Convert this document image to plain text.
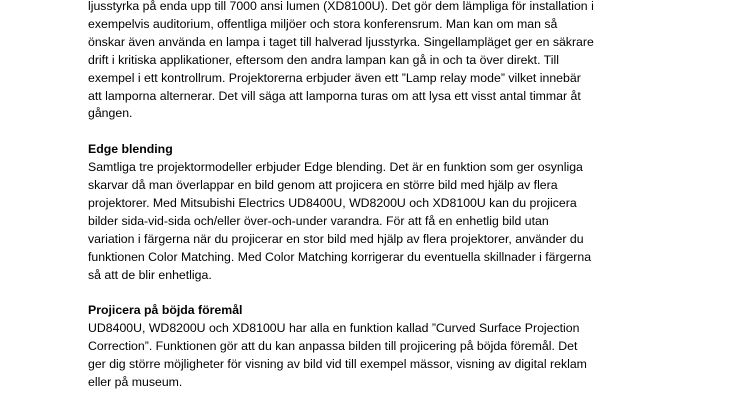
ljusstyrka på enda upp till 7000 ansi lumen (XD8100U). Det gör dem lämpliga för installation i
exempelvis auditorium, offentliga miljöer och stora konferensrum. Man kan om man så
önskar även använda en lampa i taget till halverad ljusstyrka. Singellampläget ger en säkrare
drift i kritiska applikationer, eftersom den andra lampan kan gå in och ta över direkt. Till
exempel i ett kontrollrum. Projektorerna erbjuder även ett ”Lamp relay mode” vilket innebär
att lamporna alternerar. Det vill säga att lamporna turas om att lysa ett visst antal timmar åt
gången.
Edge blending
Samtliga tre projektormodeller erbjuder Edge blending. Det är en funktion som ger osynliga
skarvar då man överlappar en bild genom att projicera en större bild med hjälp av flera
projektorer. Med Mitsubishi Electrics UD8400U, WD8200U och XD8100U kan du projicera
bilder sida-vid-sida och/eller över-och-under varandra. För att få en enhetlig bild utan
variation i färgerna när du projicerar en stor bild med hjälp av flera projektorer, använder du
funktionen Color Matching. Med Color Matching korrigerar du eventuella skillnader i färgerna
så att de blir enhetliga.
Projicera på böjda föremål
UD8400U, WD8200U och XD8100U har alla en funktion kallad ”Curved Surface Projection
Correction”. Funktionen gör att du kan anpassa bilden till projicering på böjda föremål. Det
ger dig större möjligheter för visning av bild vid till exempel mässor, visning av digital reklam
eller på museum.
